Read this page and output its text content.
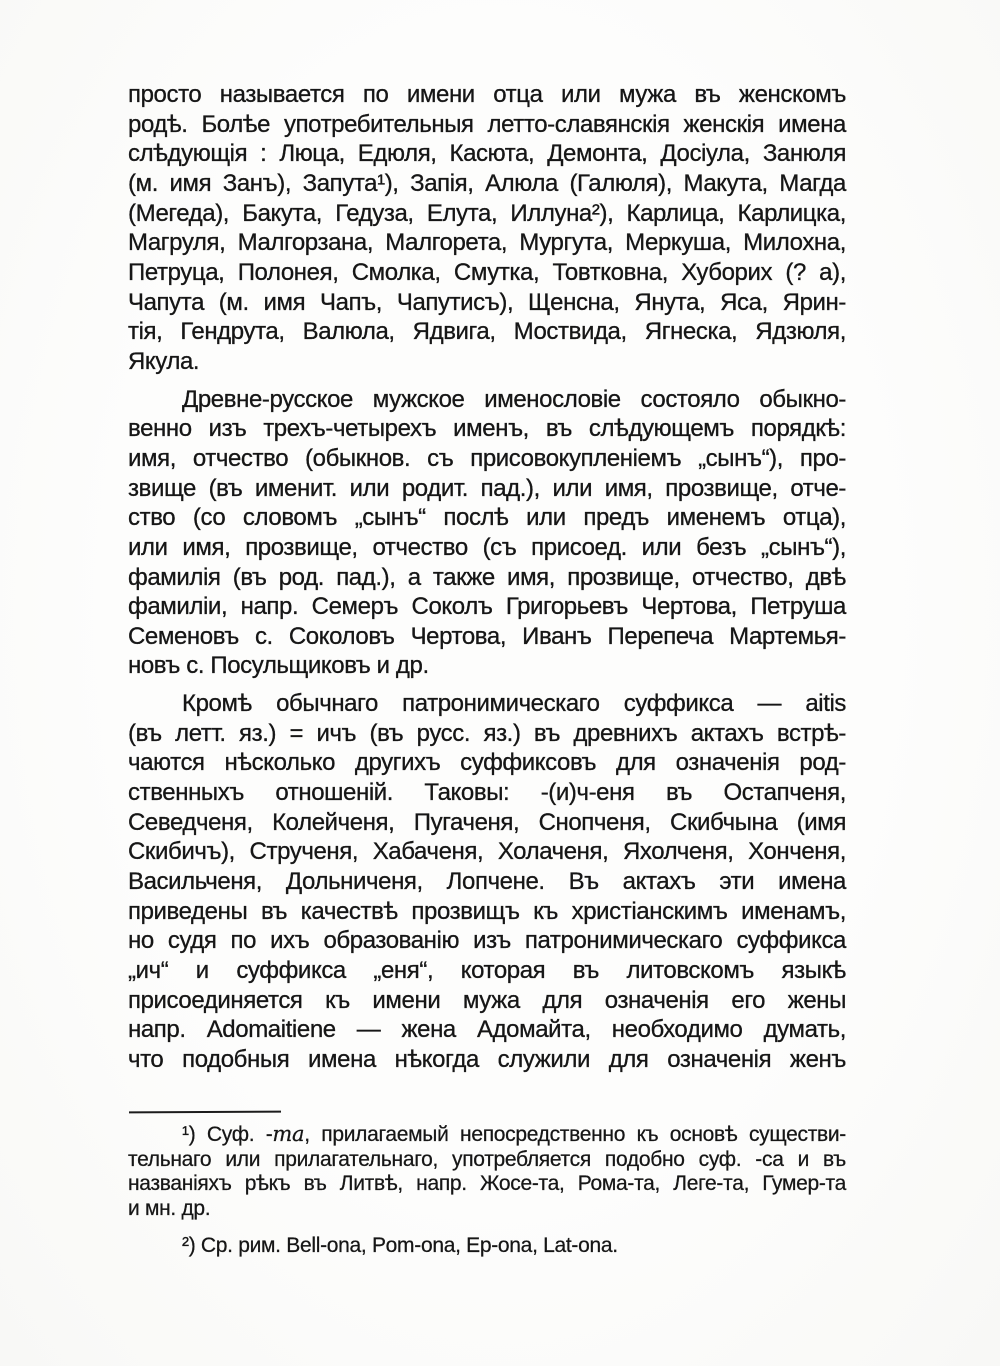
просто называется по имени отца или мужа въ женскомъ
родѣ. Болѣе употребительныя летто-славянскія женскія имена
слѣдующія : Люца, Едюля, Касюта, Демонта, Досіула, Занюля
(м. имя Занъ), Запута¹), Запія, Алюла (Галюля), Макута, Магда
(Мегеда), Бакута, Гедуза, Елута, Иллуна²), Карлица, Карлицка,
Магруля, Малгорзана, Малгорета, Мургута, Меркуша, Милохна,
Петруца, Полонея, Смолка, Смутка, Товтковна, Хуборих (? а),
Чапута (м. имя Чапъ, Чапутисъ), Щенсна, Янута, Яса, Ярин-
тія, Гендрута, Валюла, Ядвига, Моствида, Ягнеска, Ядзюля,
Якула.
Древне-русское мужское именословіе состояло обыкно-
венно изъ трехъ-четырехъ именъ, въ слѣдующемъ порядкѣ:
имя, отчество (обыкнов. съ присовокупленіемъ „сынъ“), про-
звище (въ именит. или родит. пад.), или имя, прозвище, отче-
ство (со словомъ „сынъ“ послѣ или предъ именемъ отца),
или имя, прозвище, отчество (съ присоед. или безъ „сынъ“),
фамилія (въ род. пад.), а также имя, прозвище, отчество, двѣ
фамиліи, напр. Семеръ Соколъ Григорьевъ Чертова, Петруша
Семеновъ с. Соколовъ Чертова, Иванъ Перепеча Мартемья-
новъ с. Посульщиковъ и др.
Кромѣ обычнаго патронимическаго суффикса — aitis
(въ летт. яз.) = ичъ (въ русс. яз.) въ древнихъ актахъ встрѣ-
чаются нѣсколько другихъ суффиксовъ для означенія род-
ственныхъ отношеній. Таковы: -(и)ч-еня въ Остапченя,
Севедченя, Колейченя, Пугаченя, Снопченя, Скибчына (имя
Скибичъ), Струченя, Хабаченя, Холаченя, Яхолченя, Хонченя,
Васильченя, Дольниченя, Лопчене. Въ актахъ эти имена
приведены въ качествѣ прозвищъ къ христіанскимъ именамъ,
но судя по ихъ образованію изъ патронимическаго суффикса
„ич“ и суффикса „еня“, которая въ литовскомъ языкѣ
присоединяется къ имени мужа для означенія его жены
напр. Adomaitiene — жена Адомайта, необходимо думать,
что подобныя имена нѣкогда служили для означенія женъ
¹) Суф. -та, прилагаемый непосредственно къ основѣ существи-
тельнаго или прилагательнаго, употребляется подобно суф. -са и въ
названіяхъ рѣкъ въ Литвѣ, напр. Жосе-та, Рома-та, Леге-та, Гумер-та
и мн. др.
²) Ср. рим. Bell-ona, Pom-ona, Ep-ona, Lat-ona.
